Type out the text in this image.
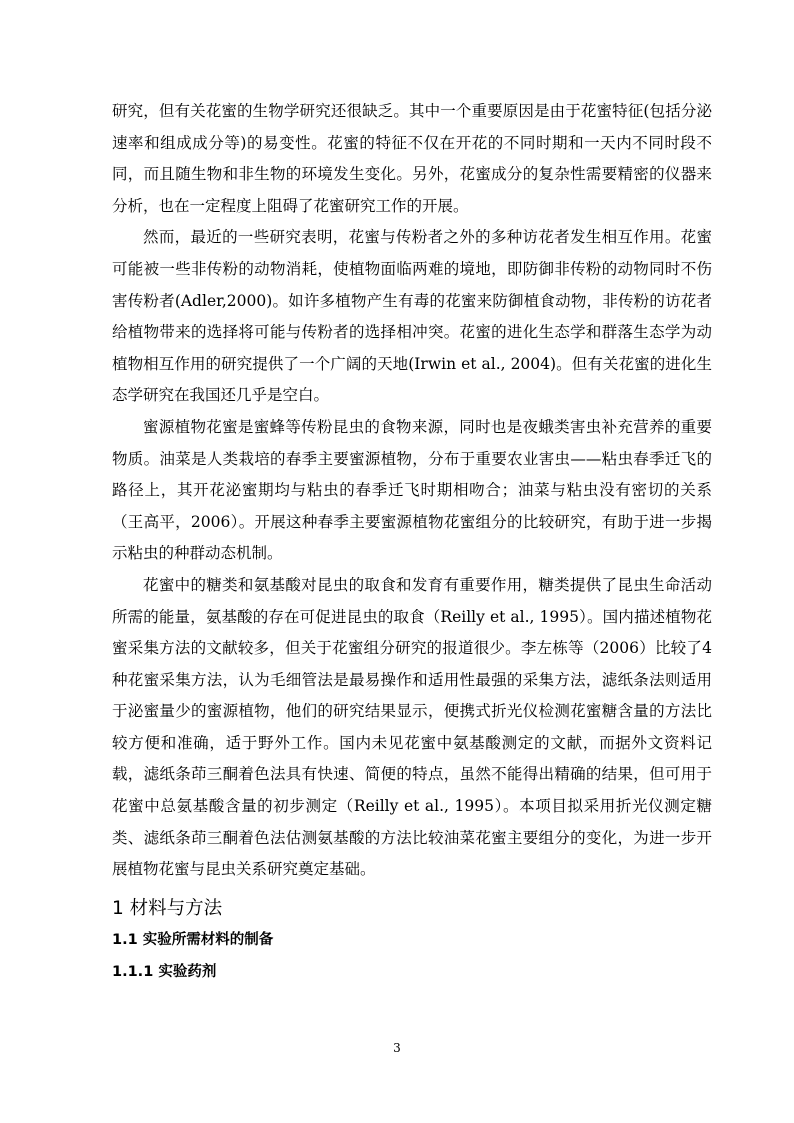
研究，但有关花蜜的生物学研究还很缺乏。其中一个重要原因是由于花蜜特征(包括分泌速率和组成成分等)的易变性。花蜜的特征不仅在开花的不同时期和一天内不同时段不同，而且随生物和非生物的环境发生变化。另外，花蜜成分的复杂性需要精密的仪器来分析，也在一定程度上阻碍了花蜜研究工作的开展。

然而，最近的一些研究表明，花蜜与传粉者之外的多种访花者发生相互作用。花蜜可能被一些非传粉的动物消耗，使植物面临两难的境地，即防御非传粉的动物同时不伤害传粉者(Adler,2000)。如许多植物产生有毒的花蜜来防御植食动物，非传粉的访花者给植物带来的选择将可能与传粉者的选择相冲突。花蜜的进化生态学和群落生态学为动植物相互作用的研究提供了一个广阔的天地(Irwin et al., 2004)。但有关花蜜的进化生态学研究在我国还几乎是空白。

蜜源植物花蜜是蜜蜂等传粉昆虫的食物来源，同时也是夜蛾类害虫补充营养的重要物质。油菜是人类栽培的春季主要蜜源植物，分布于重要农业害虫——粘虫春季迁飞的路径上，其开花泌蜜期均与粘虫的春季迁飞时期相吻合；油菜与粘虫没有密切的关系（王高平，2006）。开展这种春季主要蜜源植物花蜜组分的比较研究，有助于进一步揭示粘虫的种群动态机制。

花蜜中的糖类和氨基酸对昆虫的取食和发育有重要作用，糖类提供了昆虫生命活动所需的能量，氨基酸的存在可促进昆虫的取食（Reilly et al., 1995）。国内描述植物花蜜采集方法的文献较多，但关于花蜜组分研究的报道很少。李左栋等（2006）比较了4种花蜜采集方法，认为毛细管法是最易操作和适用性最强的采集方法，滤纸条法则适用于泌蜜量少的蜜源植物，他们的研究结果显示，便携式折光仪检测花蜜糖含量的方法比较方便和准确，适于野外工作。国内未见花蜜中氨基酸测定的文献，而据外文资料记载，滤纸条茚三酮着色法具有快速、简便的特点，虽然不能得出精确的结果，但可用于花蜜中总氨基酸含量的初步测定（Reilly et al., 1995）。本项目拟采用折光仪测定糖类、滤纸条茚三酮着色法估测氨基酸的方法比较油菜花蜜主要组分的变化，为进一步开展植物花蜜与昆虫关系研究奠定基础。

1 材料与方法
1.1 实验所需材料的制备
1.1.1 实验药剂
3
